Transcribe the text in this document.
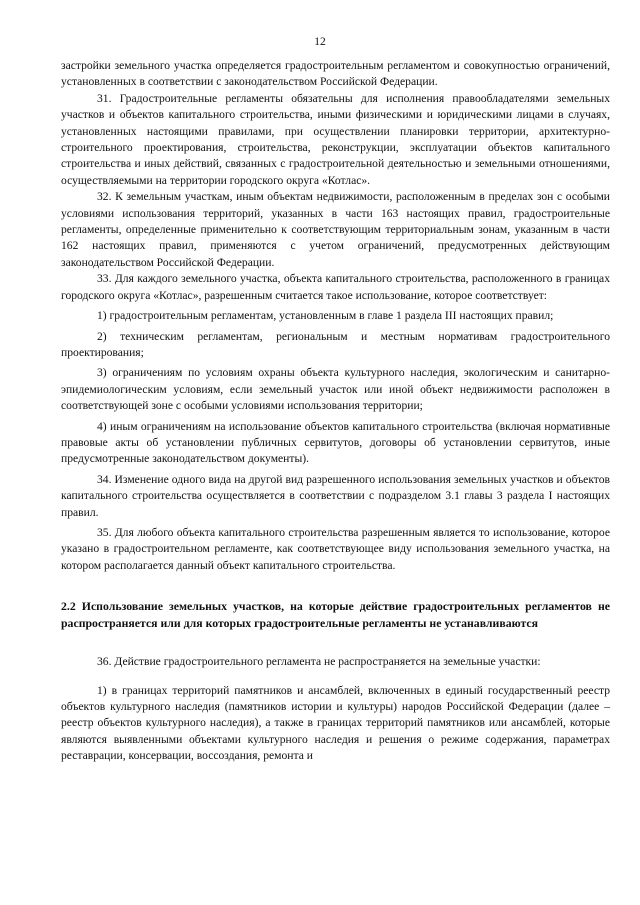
12

застройки земельного участка определяется градостроительным регламентом и совокупностью ограничений, установленных в соответствии с законодательством Российской Федерации.

31. Градостроительные регламенты обязательны для исполнения правообладателями земельных участков и объектов капитального строительства, иными физическими и юридическими лицами в случаях, установленных настоящими правилами, при осуществлении планировки территории, архитектурно-строительного проектирования, строительства, реконструкции, эксплуатации объектов капитального строительства и иных действий, связанных с градостроительной деятельностью и земельными отношениями, осуществляемыми на территории городского округа «Котлас».

32. К земельным участкам, иным объектам недвижимости, расположенным в пределах зон с особыми условиями использования территорий, указанных в части 163 настоящих правил, градостроительные регламенты, определенные применительно к соответствующим территориальным зонам, указанным в части 162 настоящих правил, применяются с учетом ограничений, предусмотренных действующим законодательством Российской Федерации.

33. Для каждого земельного участка, объекта капитального строительства, расположенного в границах городского округа «Котлас», разрешенным считается такое использование, которое соответствует:

1) градостроительным регламентам, установленным в главе 1 раздела III настоящих правил;

2) техническим регламентам, региональным и местным нормативам градостроительного проектирования;

3) ограничениям по условиям охраны объекта культурного наследия, экологическим и санитарно-эпидемиологическим условиям, если земельный участок или иной объект недвижимости расположен в соответствующей зоне с особыми условиями использования территории;

4) иным ограничениям на использование объектов капитального строительства (включая нормативные правовые акты об установлении публичных сервитутов, договоры об установлении сервитутов, иные предусмотренные законодательством документы).

34. Изменение одного вида на другой вид разрешенного использования земельных участков и объектов капитального строительства осуществляется в соответствии с подразделом 3.1 главы 3 раздела I настоящих правил.

35. Для любого объекта капитального строительства разрешенным является то использование, которое указано в градостроительном регламенте, как соответствующее виду использования земельного участка, на котором располагается данный объект капитального строительства.

2.2 Использование земельных участков, на которые действие градостроительных регламентов не распространяется или для которых градостроительные регламенты не устанавливаются

36. Действие градостроительного регламента не распространяется на земельные участки:

1) в границах территорий памятников и ансамблей, включенных в единый государственный реестр объектов культурного наследия (памятников истории и культуры) народов Российской Федерации (далее – реестр объектов культурного наследия), а также в границах территорий памятников или ансамблей, которые являются выявленными объектами культурного наследия и решения о режиме содержания, параметрах реставрации, консервации, воссоздания, ремонта и
